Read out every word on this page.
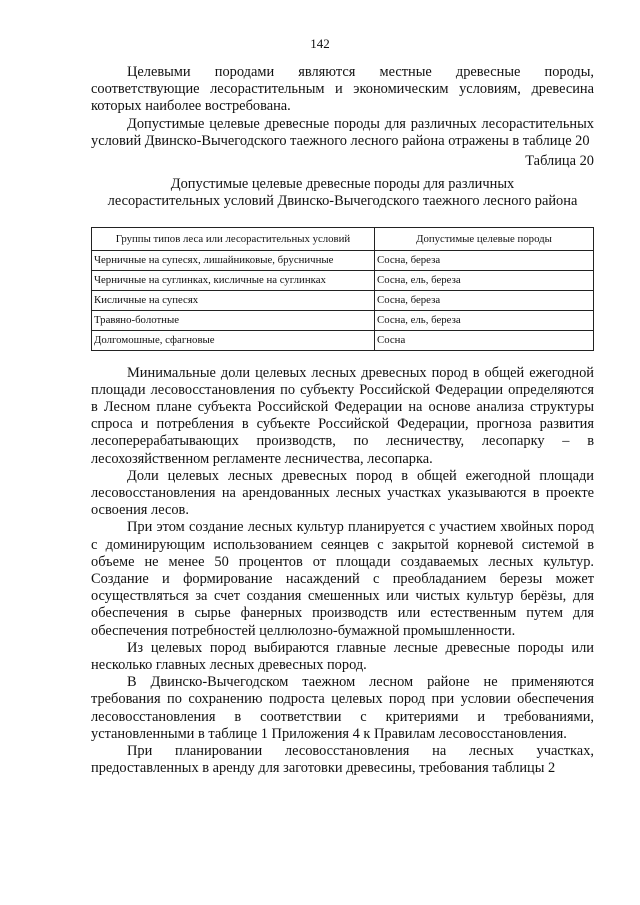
142

Целевыми породами являются местные древесные породы, соответствующие лесорастительным и экономическим условиям, древесина которых наиболее востребована.

Допустимые целевые древесные породы для различных лесорастительных условий Двинско-Вычегодского таежного лесного района отражены в таблице 20

Таблица 20
Допустимые целевые древесные породы для различных
лесорастительных условий Двинско-Вычегодского таежного лесного района
Группы типов леса или лесорастительных условий	Допустимые целевые породы
Черничные на супесях, лишайниковые, брусничные	Сосна, береза
Черничные на суглинках, кисличные на суглинках	Сосна, ель, береза
Кисличные на супесях	Сосна, береза
Травяно-болотные	Сосна, ель, береза
Долгомошные, сфагновые	Сосна

Минимальные доли целевых лесных древесных пород в общей ежегодной площади лесовосстановления по субъекту Российской Федерации определяются в Лесном плане субъекта Российской Федерации на основе анализа структуры спроса и потребления в субъекте Российской Федерации, прогноза развития лесоперерабатывающих производств, по лесничеству, лесопарку – в лесохозяйственном регламенте лесничества, лесопарка.

Доли целевых лесных древесных пород в общей ежегодной площади лесовосстановления на арендованных лесных участках указываются в проекте освоения лесов.

При этом создание лесных культур планируется с участием хвойных пород с доминирующим использованием сеянцев с закрытой корневой системой в объеме не менее 50 процентов от площади создаваемых лесных культур. Создание и формирование насаждений с преобладанием березы может осуществляться за счет создания смешенных или чистых культур берёзы, для обеспечения в сырье фанерных производств или естественным путем для обеспечения потребностей целлюлозно-бумажной промышленности.

Из целевых пород выбираются главные лесные древесные породы или несколько главных лесных древесных пород.

В Двинско-Вычегодском таежном лесном районе не применяются требования по сохранению подроста целевых пород при условии обеспечения лесовосстановления в соответствии с критериями и требованиями, установленными в таблице 1 Приложения 4 к Правилам лесовосстановления.

При планировании лесовосстановления на лесных участках, предоставленных в аренду для заготовки древесины, требования таблицы 2
